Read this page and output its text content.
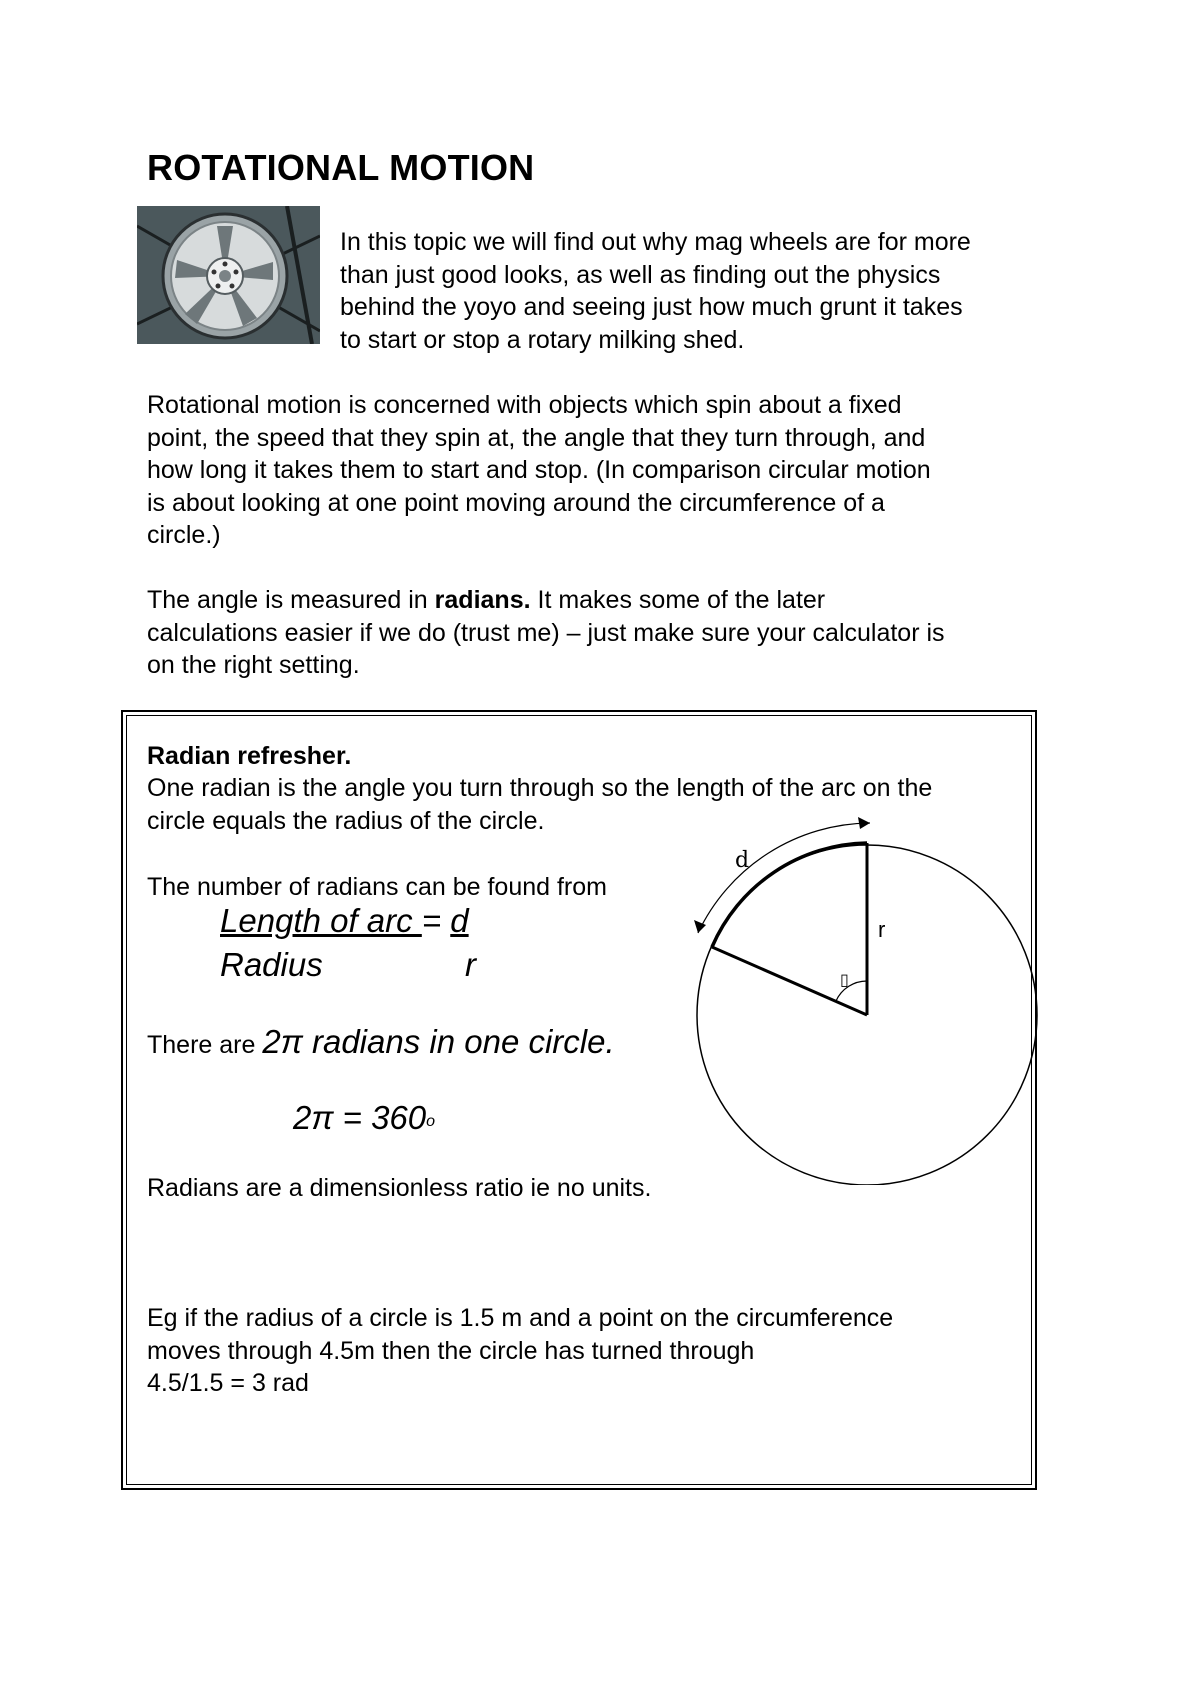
ROTATIONAL MOTION
In this topic we will find out why mag wheels are for more
than just good looks, as well as finding out the physics
behind the yoyo and seeing just how much grunt it takes
to start or stop a rotary milking shed.
Rotational motion is concerned with objects which spin about a fixed
point, the speed that they spin at, the angle that they turn through, and
how long it takes them to start and stop. (In comparison circular motion
is about looking at one point moving around the circumference of a
circle.)
The angle is measured in radians. It makes some of the later
calculations easier if we do (trust me) – just make sure your calculator is
on the right setting.
Radian refresher.
One radian is the angle you turn through so the length of the arc on the
circle equals the radius of the circle.
The number of radians can be found from
Length of arc = d
Radius	r
There are 2π radians in one circle.
$2\pi = 360^o$
Radians are a dimensionless ratio ie no units.
Eg if the radius of a circle is 1.5 m and a point on the circumference
moves through 4.5m then the circle has turned through
4.5/1.5 = 3 rad
d
r
▯
